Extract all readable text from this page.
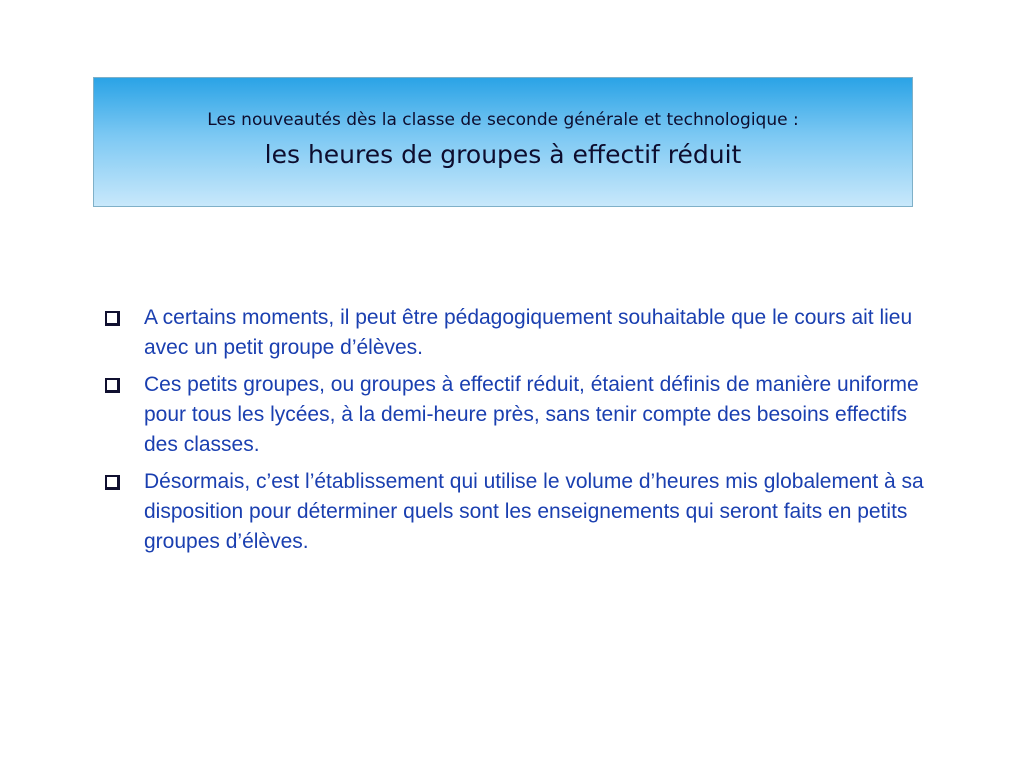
Les nouveautés dès la classe de seconde générale et technologique :
les heures de groupes à effectif réduit
A certains moments, il peut être pédagogiquement souhaitable que le cours ait lieu avec un petit groupe d’élèves.
Ces petits groupes, ou groupes à effectif réduit, étaient définis de manière uniforme pour tous les lycées, à la demi-heure près, sans tenir compte des besoins effectifs des classes.
Désormais, c’est l’établissement qui utilise le volume d’heures mis globalement à sa disposition pour déterminer quels sont les enseignements qui seront faits en petits groupes d’élèves.
